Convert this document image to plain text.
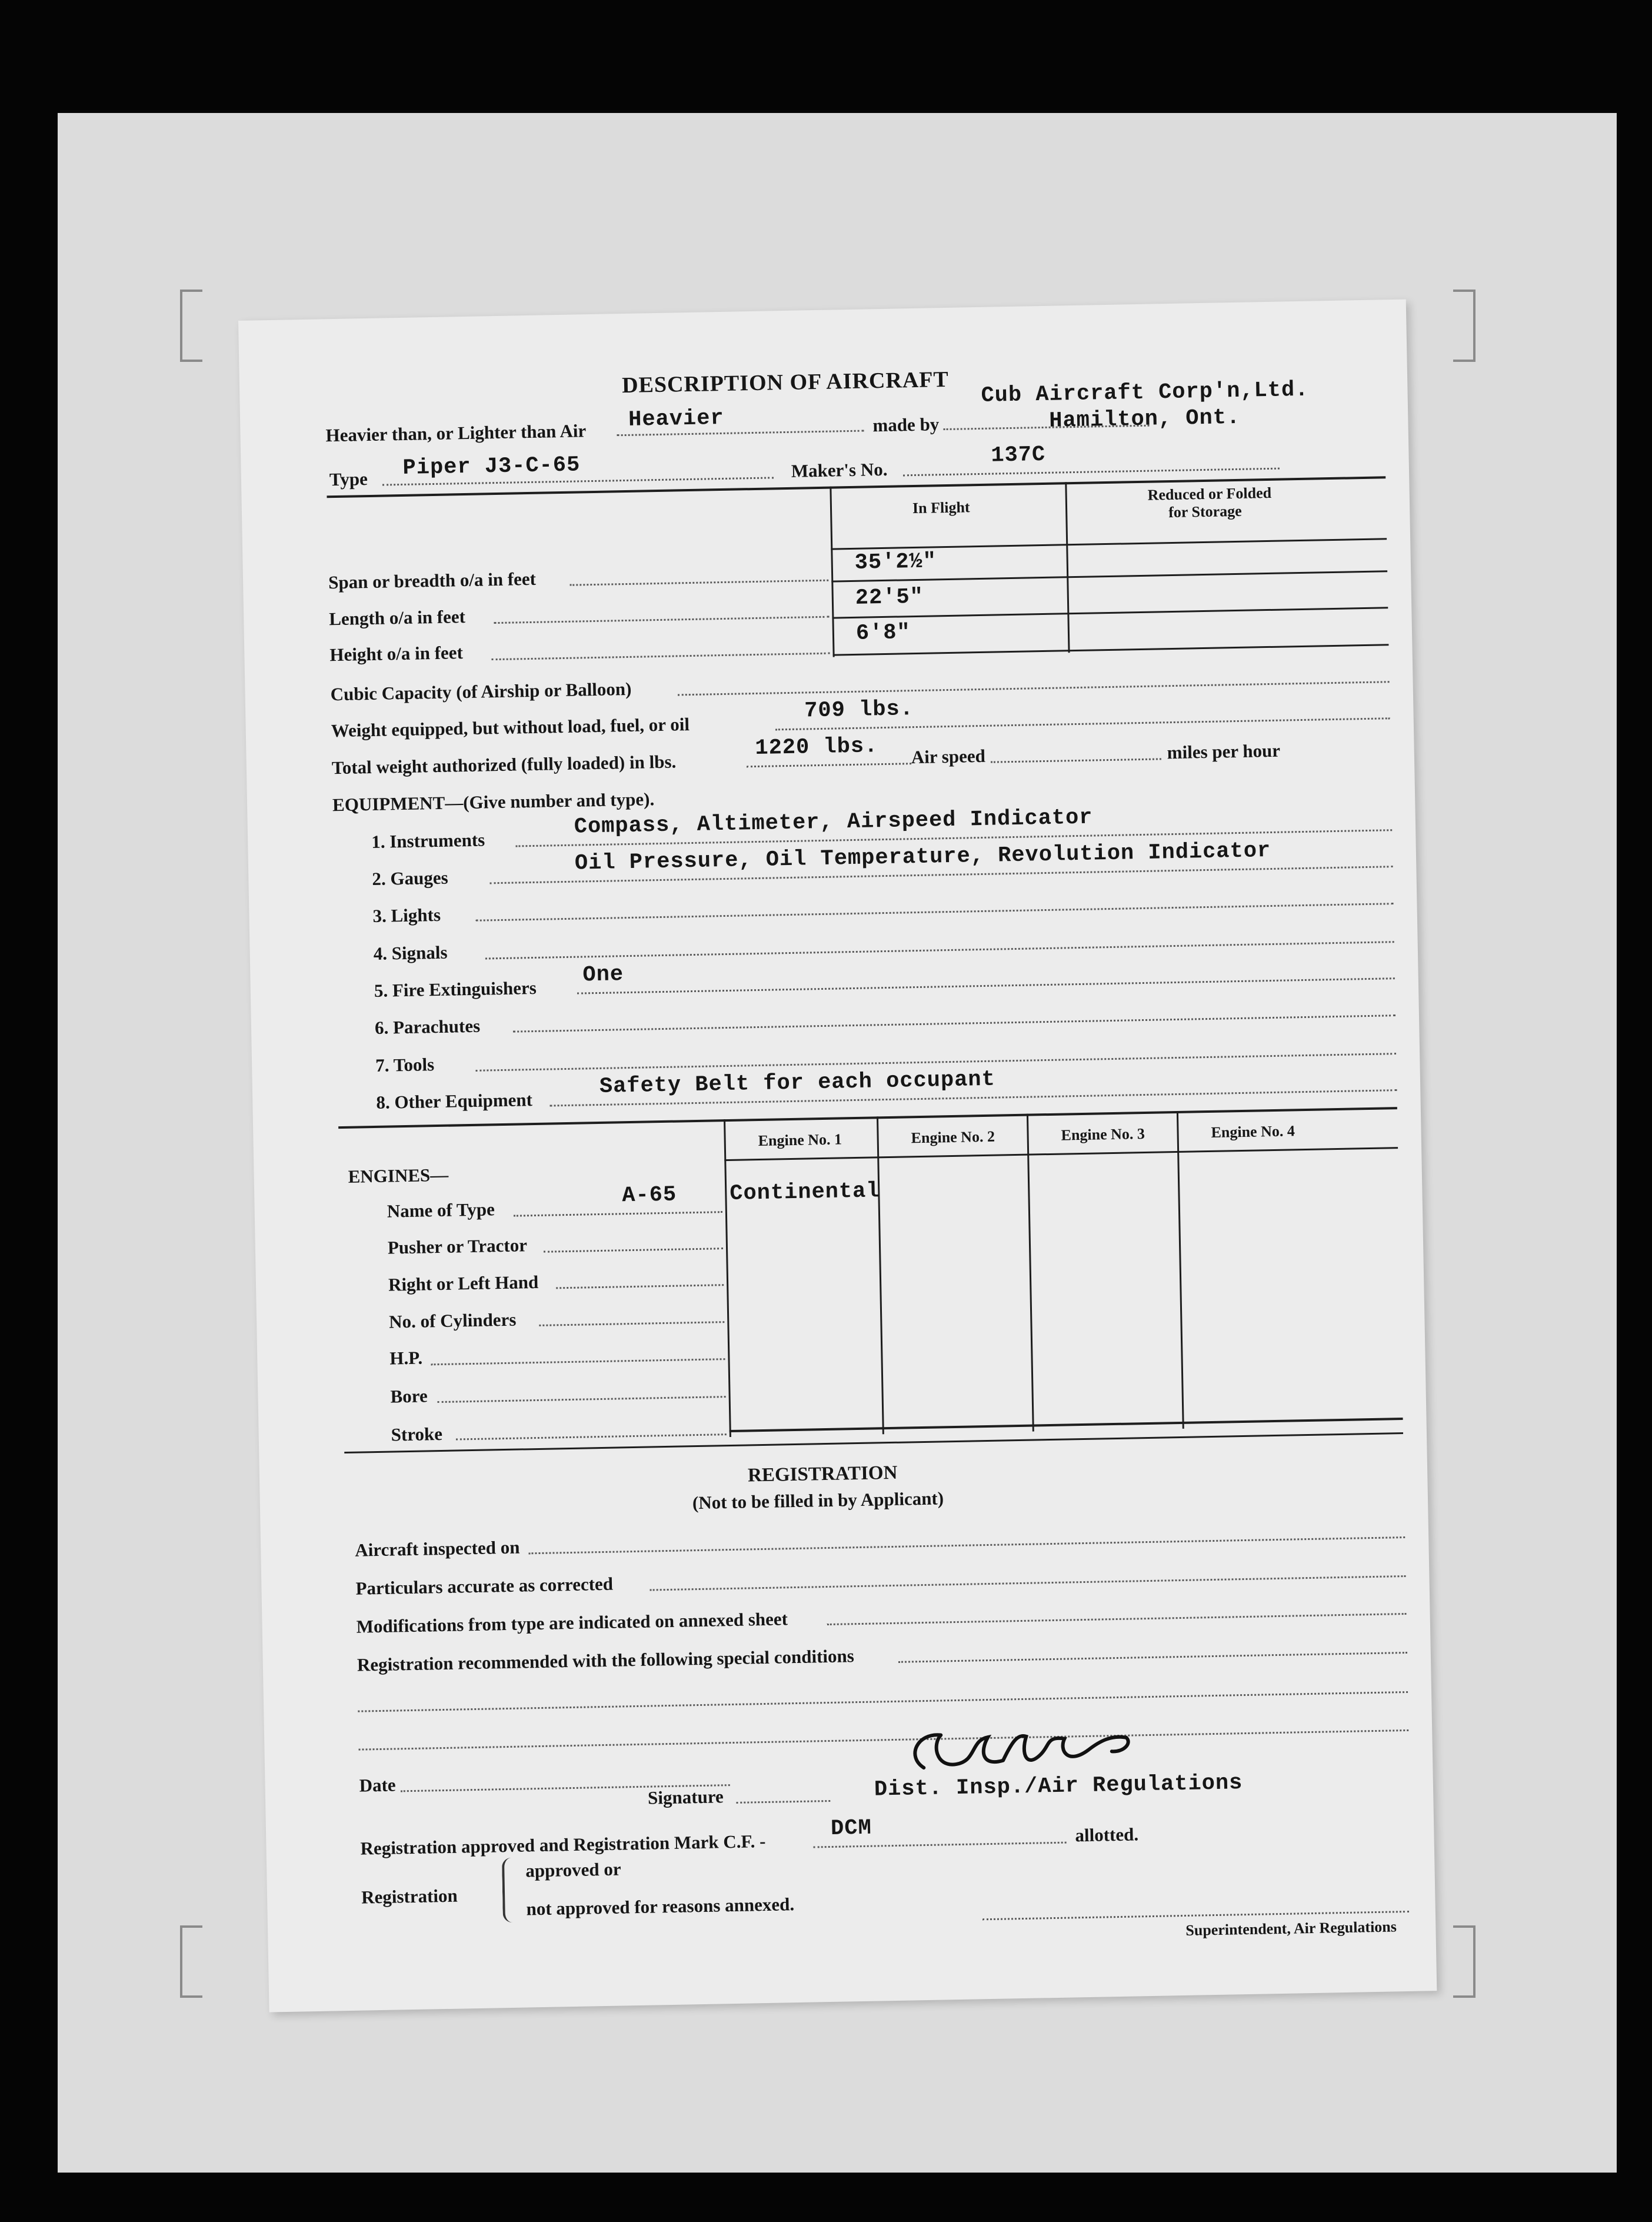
DESCRIPTION OF AIRCRAFT
Heavier than, or Lighter than Air
Heavier	made by
Cub Aircraft Corp'n,Ltd.
Hamilton, Ont.
Type Piper J3-C-65	Maker's No.
137C
In Flight
Reduced or Folded
for Storage
Span or breadth o/a in feet
35'2½"
Length o/a in feet
22'5"
Height o/a in feet
6'8"
Cubic Capacity (of Airship or Balloon)
Weight equipped, but without load, fuel, or oil
709 lbs.
Total weight authorized (fully loaded) in lbs.
1220 lbs. Air speed	miles per hour
EQUIPMENT—(Give number and type).
1. Instruments
Compass, Altimeter, Airspeed Indicator
2. Gauges
Oil Pressure, Oil Temperature, Revolution Indicator
3. Lights
4. Signals
5. Fire Extinguishers
One
6. Parachutes
7. Tools
8. Other Equipment
Safety Belt for each occupant
Engine No. 1	Engine No. 2	Engine No. 3	Engine No. 4
ENGINES—
Name of Type
A-65 Continental
Pusher or Tractor
Right or Left Hand
No. of Cylinders
H.P.
Bore
Stroke
REGISTRATION
(Not to be filled in by Applicant)
Aircraft inspected on
Particulars accurate as corrected
Modifications from type are indicated on annexed sheet
Registration recommended with the following special conditions
Date
Signature	Dist. Insp./Air Regulations
Registration approved and Registration Mark C.F. -
DCM	allotted.
Registration
approved or
not approved for reasons annexed.
Superintendent, Air Regulations
